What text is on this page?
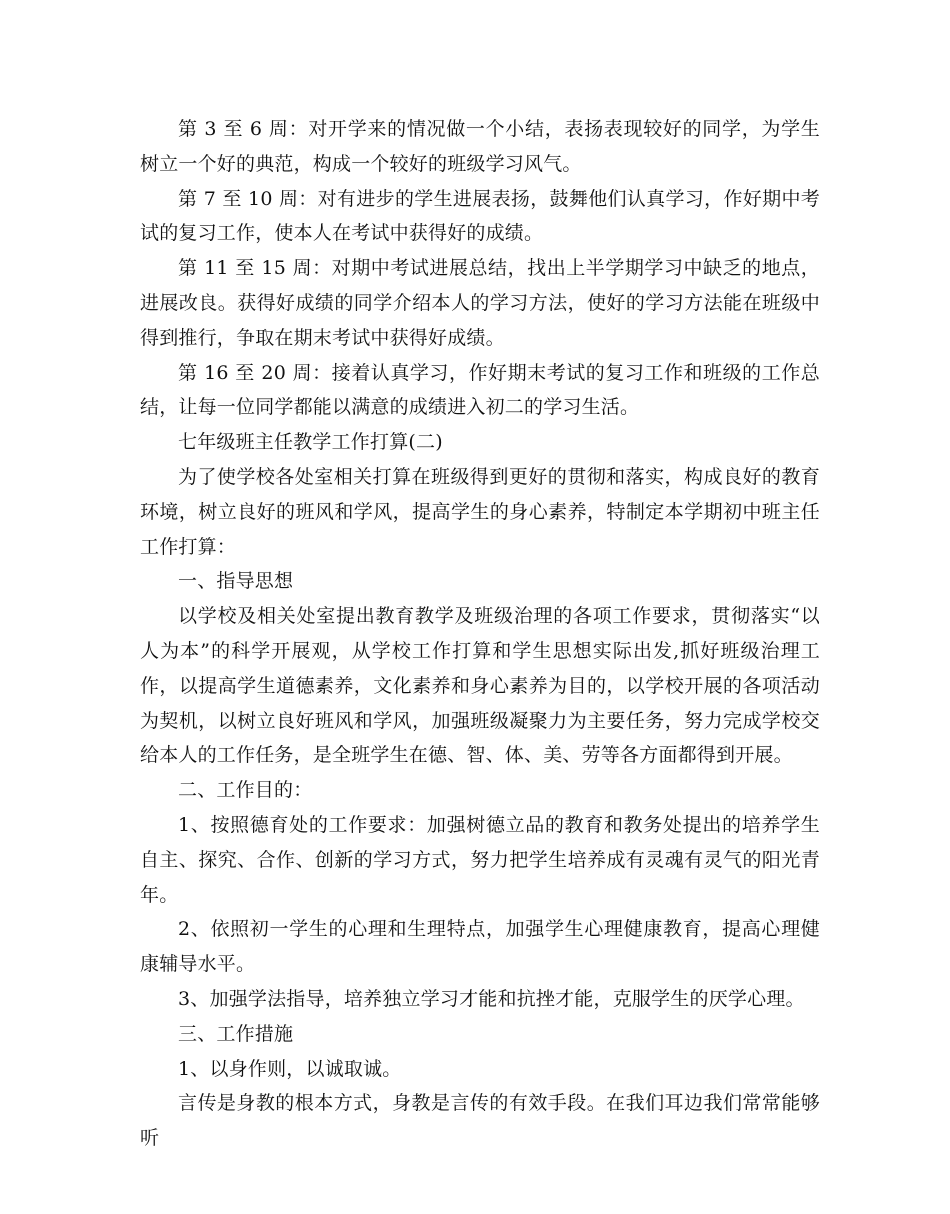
第 3 至 6 周：对开学来的情况做一个小结，表扬表现较好的同学，为学生树立一个好的典范，构成一个较好的班级学习风气。

第 7 至 10 周：对有进步的学生进展表扬，鼓舞他们认真学习，作好期中考试的复习工作，使本人在考试中获得好的成绩。

第 11 至 15 周：对期中考试进展总结，找出上半学期学习中缺乏的地点，进展改良。获得好成绩的同学介绍本人的学习方法，使好的学习方法能在班级中得到推行，争取在期末考试中获得好成绩。

第 16 至 20 周：接着认真学习，作好期末考试的复习工作和班级的工作总结，让每一位同学都能以满意的成绩进入初二的学习生活。

七年级班主任教学工作打算(二)

为了使学校各处室相关打算在班级得到更好的贯彻和落实，构成良好的教育环境，树立良好的班风和学风，提高学生的身心素养，特制定本学期初中班主任工作打算：

一、指导思想

以学校及相关处室提出教育教学及班级治理的各项工作要求，贯彻落实“以人为本”的科学开展观，从学校工作打算和学生思想实际出发,抓好班级治理工作，以提高学生道德素养，文化素养和身心素养为目的，以学校开展的各项活动为契机，以树立良好班风和学风，加强班级凝聚力为主要任务，努力完成学校交给本人的工作任务，是全班学生在德、智、体、美、劳等各方面都得到开展。

二、工作目的：

1、按照德育处的工作要求：加强树德立品的教育和教务处提出的培养学生自主、探究、合作、创新的学习方式，努力把学生培养成有灵魂有灵气的阳光青年。

2、依照初一学生的心理和生理特点，加强学生心理健康教育，提高心理健康辅导水平。

3、加强学法指导，培养独立学习才能和抗挫才能，克服学生的厌学心理。

三、工作措施

1、以身作则，以诚取诚。

言传是身教的根本方式，身教是言传的有效手段。在我们耳边我们常常能够听
